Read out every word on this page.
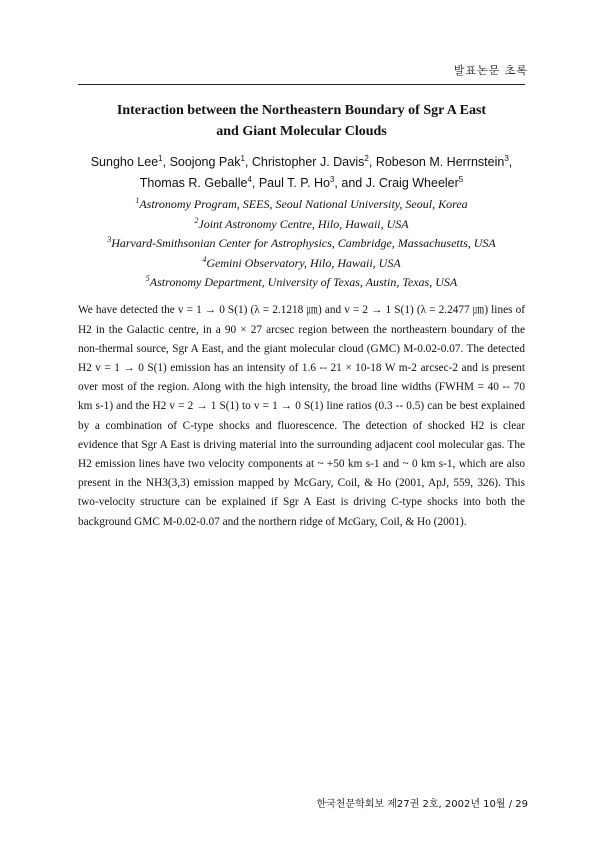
발표논문 초록
Interaction between the Northeastern Boundary of Sgr A East
and Giant Molecular Clouds
Sungho Lee$^1$, Soojong Pak$^1$, Christopher J. Davis$^2$, Robeson M. Herrnstein$^3$, Thomas R. Geballe$^4$, Paul T. P. Ho$^3$, and J. Craig Wheeler$^5$
$^1$Astronomy Program, SEES, Seoul National University, Seoul, Korea
$^2$Joint Astronomy Centre, Hilo, Hawaii, USA
$^3$Harvard-Smithsonian Center for Astrophysics, Cambridge, Massachusetts, USA
$^4$Gemini Observatory, Hilo, Hawaii, USA
$^5$Astronomy Department, University of Texas, Austin, Texas, USA

We have detected the v = 1 → 0 S(1) (λ = 2.1218 ㎛) and v = 2 → 1 S(1) (λ = 2.2477 ㎛) lines of H2 in the Galactic centre, in a 90 × 27 arcsec region between the northeastern boundary of the non-thermal source, Sgr A East, and the giant molecular cloud (GMC) M-0.02-0.07. The detected H2 v = 1 → 0 S(1) emission has an intensity of 1.6 -- 21 × 10-18 W m-2 arcsec-2 and is present over most of the region. Along with the high intensity, the broad line widths (FWHM = 40 -- 70 km s-1) and the H2 v = 2 → 1 S(1) to v = 1 → 0 S(1) line ratios (0.3 -- 0.5) can be best explained by a combination of C-type shocks and fluorescence. The detection of shocked H2 is clear evidence that Sgr A East is driving material into the surrounding adjacent cool molecular gas. The H2 emission lines have two velocity components at ~ +50 km s-1 and ~ 0 km s-1, which are also present in the NH3(3,3) emission mapped by McGary, Coil, & Ho (2001, ApJ, 559, 326). This two-velocity structure can be explained if Sgr A East is driving C-type shocks into both the background GMC M-0.02-0.07 and the northern ridge of McGary, Coil, & Ho (2001).

한국천문학회보 제27권 2호, 2002년 10월 / 29
